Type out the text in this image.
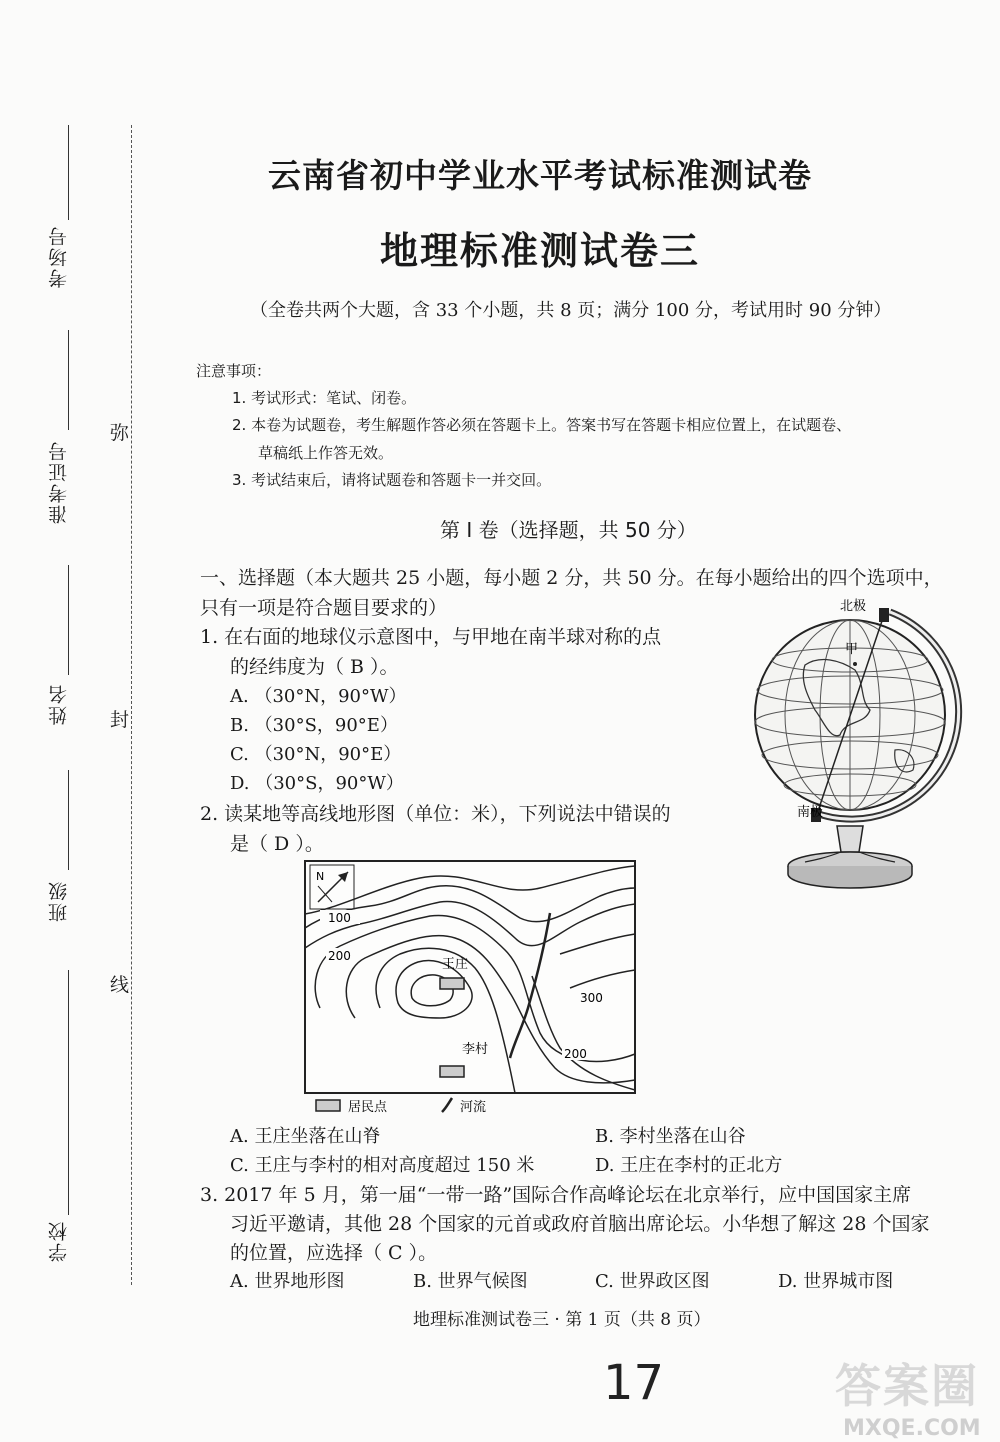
考场号
准考证号
姓名
班级
学校
弥
封
线
云南省初中学业水平考试标准测试卷
地理标准测试卷三
（全卷共两个大题，含 33 个小题，共 8 页；满分 100 分，考试用时 90 分钟）
注意事项：
1. 考试形式：笔试、闭卷。
2. 本卷为试题卷，考生解题作答必须在答题卡上。答案书写在答题卡相应位置上，在试题卷、
草稿纸上作答无效。
3. 考试结束后，请将试题卷和答题卡一并交回。
第 I 卷（选择题，共 50 分）
一、选择题（本大题共 25 小题，每小题 2 分，共 50 分。在每小题给出的四个选项中，
只有一项是符合题目要求的）
1. 在右面的地球仪示意图中，与甲地在南半球对称的点
的经纬度为（ B ）。
A. （30°N，90°W）
B. （30°S，90°E）
C. （30°N，90°E）
D. （30°S，90°W）
北极
甲
南极
2. 读某地等高线地形图（单位：米），下列说法中错误的
是（ D ）。
N
100
200
300
200
王庄
李村
居民点	河流
A. 王庄坐落在山脊	B. 李村坐落在山谷
C. 王庄与李村的相对高度超过 150 米	D. 王庄在李村的正北方
3. 2017 年 5 月，第一届“一带一路”国际合作高峰论坛在北京举行，应中国国家主席
习近平邀请，其他 28 个国家的元首或政府首脑出席论坛。小华想了解这 28 个国家
的位置，应选择（ C ）。
A. 世界地形图	B. 世界气候图	C. 世界政区图	D. 世界城市图
地理标准测试卷三 · 第 1 页（共 8 页）
17	答案圈
MXQE.COM
